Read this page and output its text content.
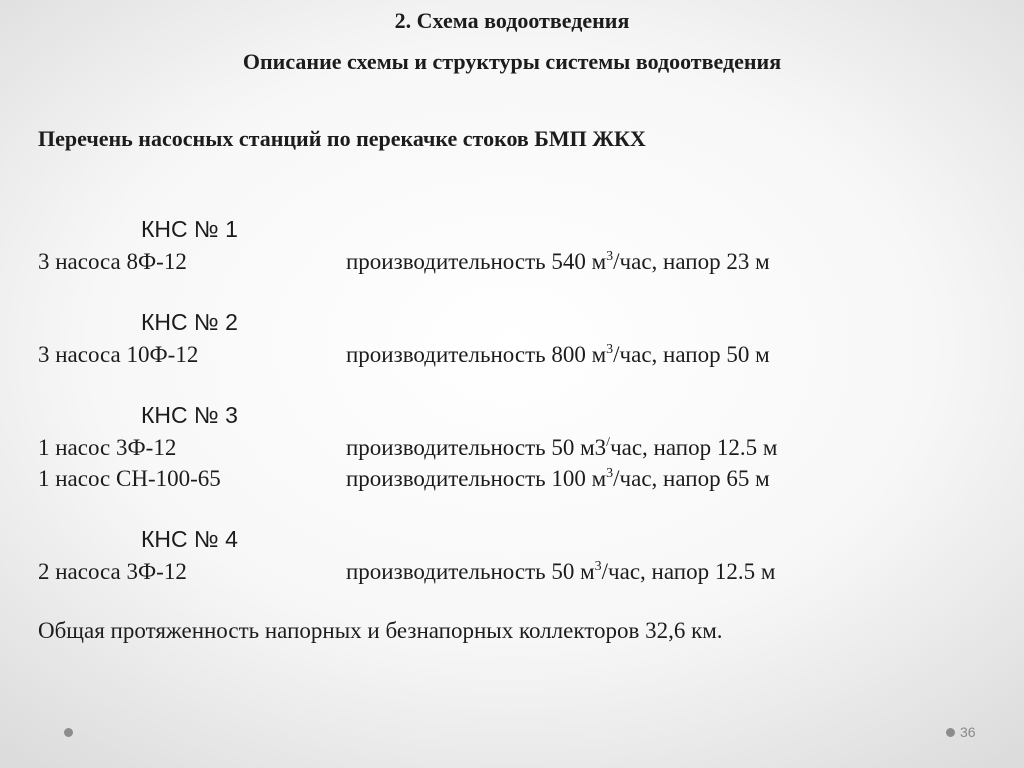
2. Схема водоотведения
Описание схемы и структуры системы водоотведения
Перечень насосных станций по перекачке стоков БМП ЖКХ
КНС № 1
3 насоса 8Ф-12	производительность 540 $м^3$/час, напор 23 м
КНС № 2
3 насоса 10Ф-12	производительность 800 $м^3$/час, напор 50 м
КНС № 3
1 насос 3Ф-12	производительность 50 м3/час, напор 12.5 м
1 насос СН-100-65	производительность 100 $м^3$/час, напор 65 м
КНС № 4
2 насоса 3Ф-12	производительность 50 $м^3$/час, напор 12.5 м
Общая протяженность напорных и безнапорных коллекторов 32,6 км.
36
